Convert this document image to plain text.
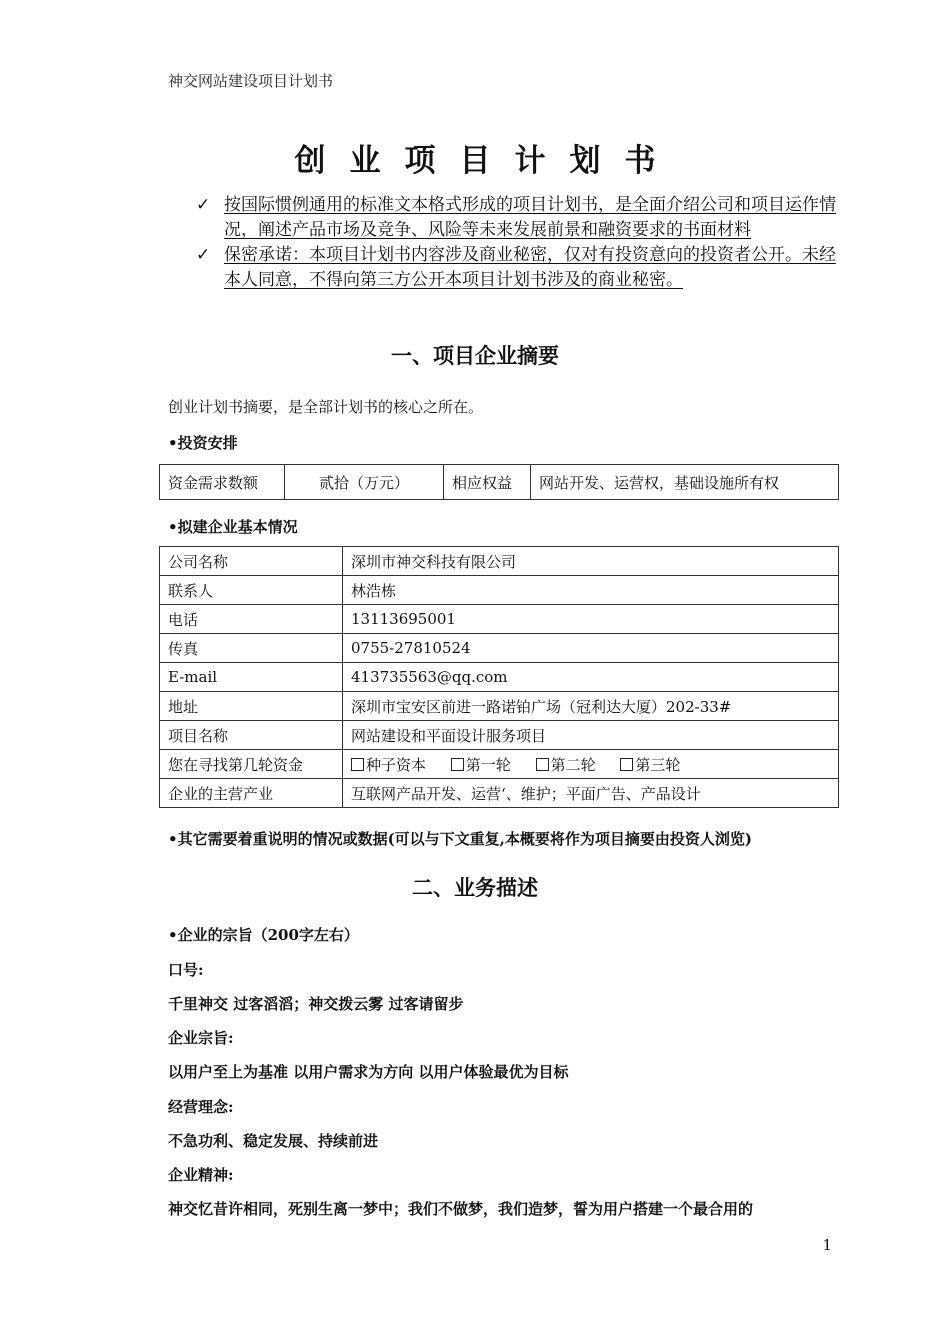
神交网站建设项目计划书
创业项目计划书
✓ 按国际惯例通用的标准文本格式形成的项目计划书，是全面介绍公司和项目运作情况，阐述产品市场及竞争、风险等未来发展前景和融资要求的书面材料
✓ 保密承诺：本项目计划书内容涉及商业秘密，仅对有投资意向的投资者公开。未经本人同意，不得向第三方公开本项目计划书涉及的商业秘密。
一、项目企业摘要
创业计划书摘要，是全部计划书的核心之所在。
•投资安排
资金需求数额	贰拾（万元）	相应权益	网站开发、运营权，基础设施所有权
•拟建企业基本情况
公司名称	深圳市神交科技有限公司
联系人	林浩栋
电话	13113695001
传真	0755-27810524
E-mail	413735563@qq.com
地址	深圳市宝安区前进一路诺铂广场（冠利达大厦）202-33#
项目名称	网站建设和平面设计服务项目
您在寻找第几轮资金	种子资本 第一轮 第二轮 第三轮
企业的主营产业	互联网产品开发、运营‘、维护；平面广告、产品设计
•其它需要着重说明的情况或数据(可以与下文重复,本概要将作为项目摘要由投资人浏览)
二、业务描述
•企业的宗旨（200字左右）
口号:
千里神交 过客滔滔；神交拨云雾 过客请留步
企业宗旨:
以用户至上为基准 以用户需求为方向 以用户体验最优为目标
经营理念:
不急功利、稳定发展、持续前进
企业精神:
神交忆昔许相同，死别生离一梦中；我们不做梦，我们造梦，誓为用户搭建一个最合用的
1
